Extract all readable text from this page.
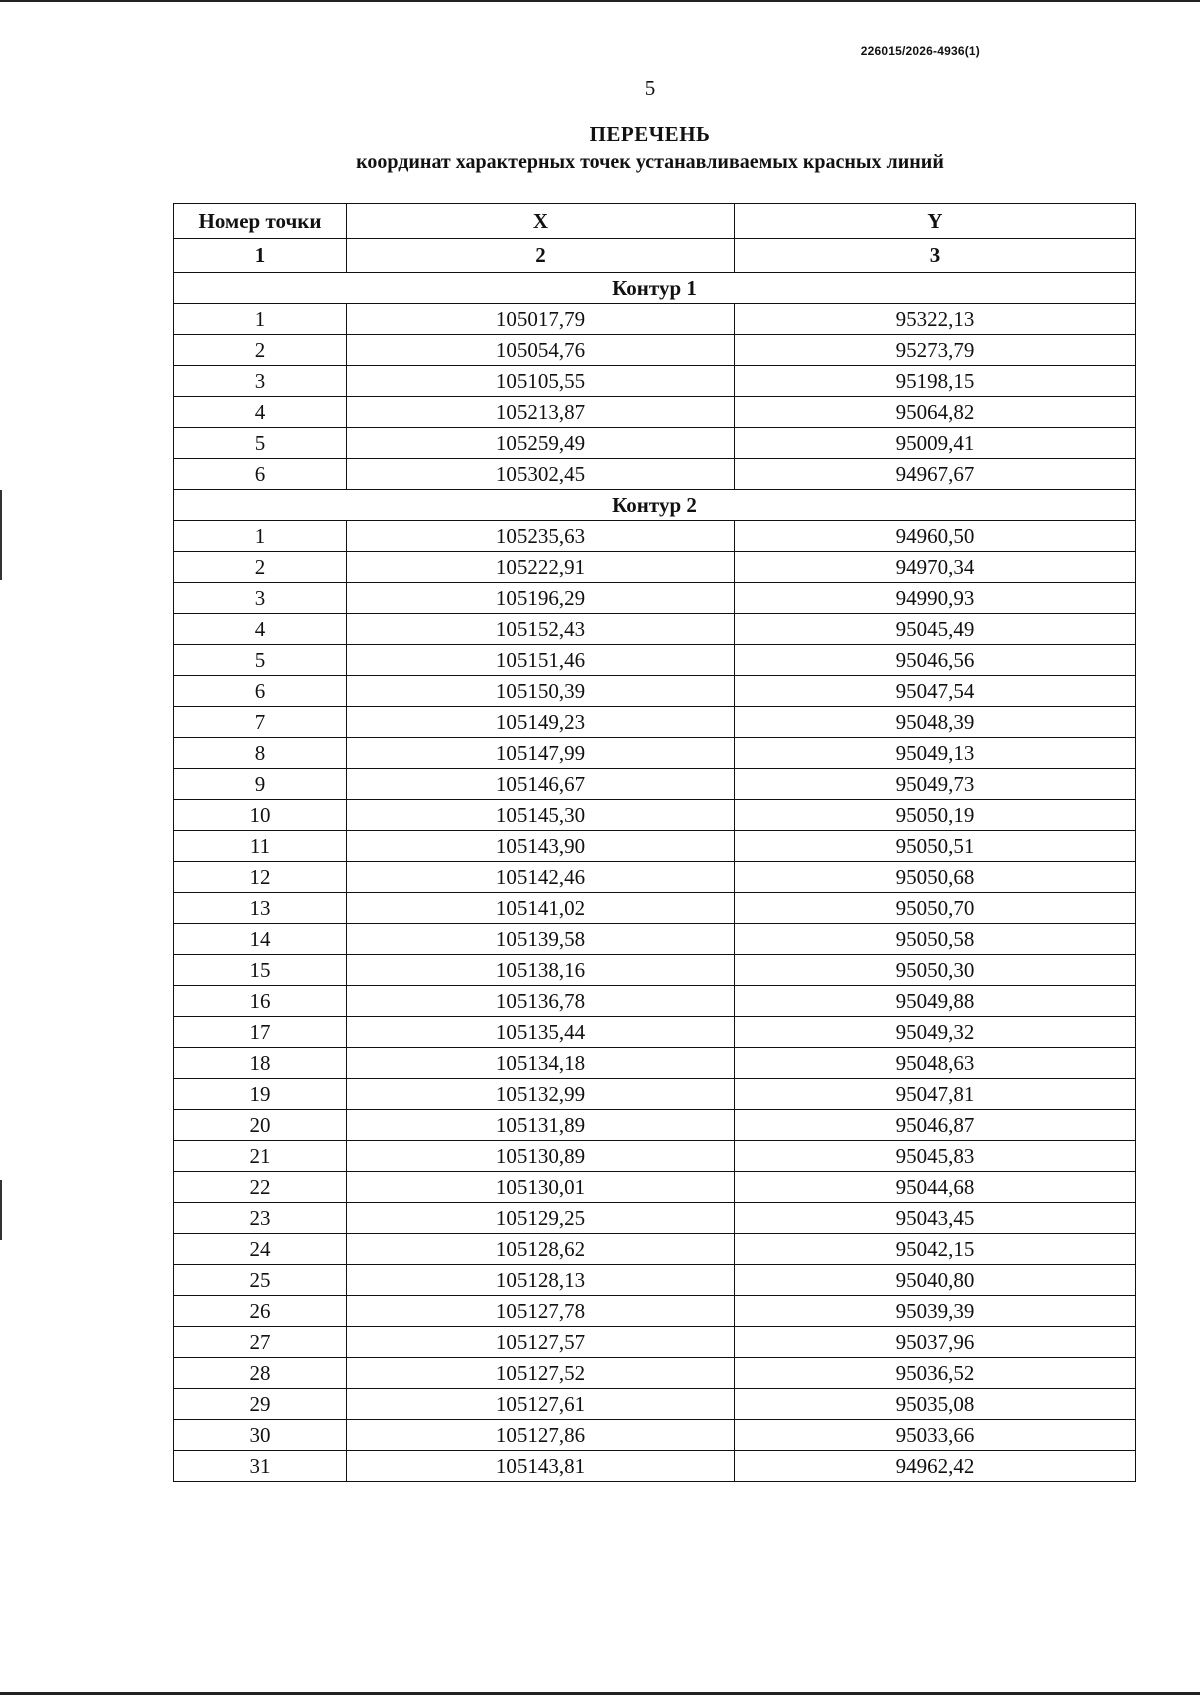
226015/2026-4936(1)
5
ПЕРЕЧЕНЬ
координат характерных точек устанавливаемых красных линий
Номер точки	X	Y
1	2	3
Контур 1		
1	105017,79	95322,13
2	105054,76	95273,79
3	105105,55	95198,15
4	105213,87	95064,82
5	105259,49	95009,41
6	105302,45	94967,67
Контур 2		
1	105235,63	94960,50
2	105222,91	94970,34
3	105196,29	94990,93
4	105152,43	95045,49
5	105151,46	95046,56
6	105150,39	95047,54
7	105149,23	95048,39
8	105147,99	95049,13
9	105146,67	95049,73
10	105145,30	95050,19
11	105143,90	95050,51
12	105142,46	95050,68
13	105141,02	95050,70
14	105139,58	95050,58
15	105138,16	95050,30
16	105136,78	95049,88
17	105135,44	95049,32
18	105134,18	95048,63
19	105132,99	95047,81
20	105131,89	95046,87
21	105130,89	95045,83
22	105130,01	95044,68
23	105129,25	95043,45
24	105128,62	95042,15
25	105128,13	95040,80
26	105127,78	95039,39
27	105127,57	95037,96
28	105127,52	95036,52
29	105127,61	95035,08
30	105127,86	95033,66
31	105143,81	94962,42
